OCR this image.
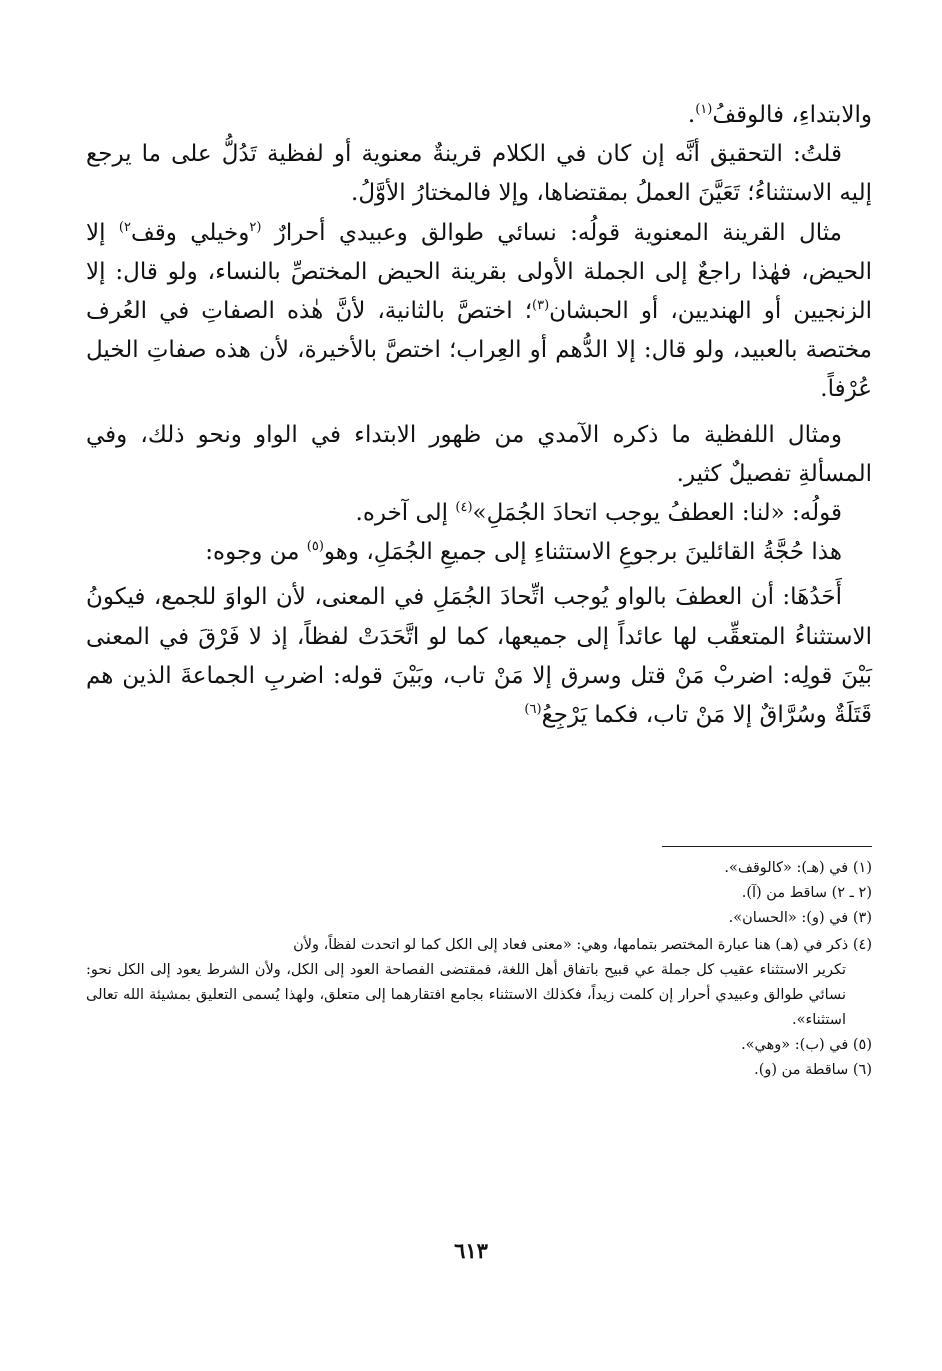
والابتداءِ، فالوقفُ$^{(١)}$.

قلتُ: التحقيق أنَّه إن كان في الكلام قرينةٌ معنوية أو لفظية تَدُلُّ على ما يرجع إليه الاستثناءُ؛ تَعَيَّنَ العملُ بمقتضاها، وإلا فالمختارُ الأوَّلُ.

مثال القرينة المعنوية قولُه: نسائي طوالق وعبيدي أحرارٌ $^{(٢}$وخيلي وقف$^{٢)}$ إلا الحيض، فهٰذا راجعٌ إلى الجملة الأولى بقرينة الحيض المختصِّ بالنساء، ولو قال: إلا الزنجيين أو الهنديين، أو الحبشان$^{(٣)}$؛ اختصَّ بالثانية، لأنَّ هٰذه الصفاتِ في العُرف مختصة بالعبيد، ولو قال: إلا الدُّهم أو العِراب؛ اختصَّ بالأخيرة، لأن هذه صفاتِ الخيل عُرْفاً.

ومثال اللفظية ما ذكره الآمدي من ظهور الابتداء في الواو ونحو ذلك، وفي المسألةِ تفصيلٌ كثير.

قولُه: «لنا: العطفُ يوجب اتحادَ الجُمَلِ»$^{(٤)}$ إلى آخره.

هذا حُجَّةُ القائلينَ برجوعِ الاستثناءِ إلى جميعِ الجُمَلِ، وهو$^{(٥)}$ من وجوه:

أَحَدُهَا: أن العطفَ بالواو يُوجب اتِّحادَ الجُمَلِ في المعنى، لأن الواوَ للجمع، فيكونُ الاستثناءُ المتعقِّب لها عائداً إلى جميعها، كما لو اتَّحَدَتْ لفظاً، إذ لا فَرْقَ في المعنى بَيْنَ قولِه: اضربْ مَنْ قتل وسرق إلا مَنْ تاب، وبَيْنَ قوله: اضربِ الجماعةَ الذين هم قَتَلَةٌ وسُرَّاقٌ إلا مَنْ تاب، فكما يَرْجِعُ$^{(٦)}$

(١) في (هـ): «كالوقف».

(٢ ـ ٢) ساقط من (آ).

(٣) في (و): «الحسان».

(٤) ذكر في (هـ) هنا عبارة المختصر بتمامها، وهي: «معنى فعاد إلى الكل كما لو اتحدت لفظاً، ولأن
تكرير الاستثناء عقيب كل جملة عي قبيح باتفاق أهل اللغة، فمقتضى الفصاحة العود إلى الكل، ولأن الشرط يعود إلى الكل نحو: نسائي طوالق وعبيدي أحرار إن كلمت زيداً، فكذلك الاستثناء بجامع افتقارهما إلى متعلق، ولهذا يُسمى التعليق بمشيئة الله تعالى استثناء».

(٥) في (ب): «وهي».

(٦) ساقطة من (و).

٦١٣
